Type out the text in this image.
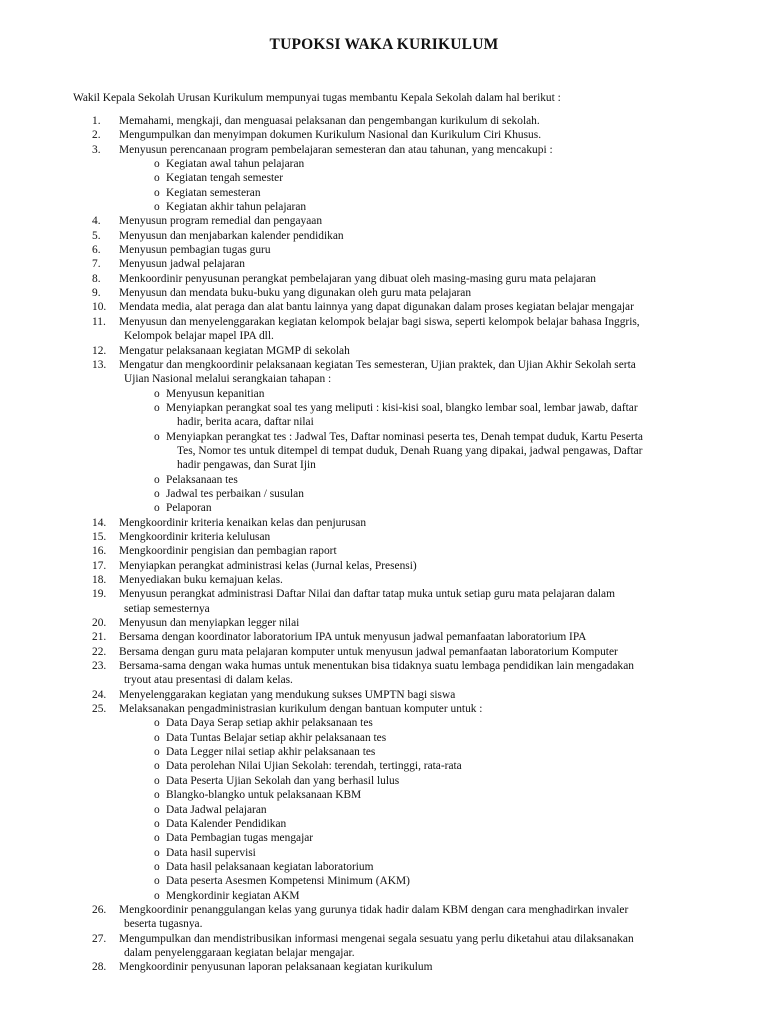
TUPOKSI WAKA KURIKULUM
Wakil Kepala Sekolah Urusan Kurikulum mempunyai tugas membantu Kepala Sekolah dalam hal berikut :
1.	Memahami, mengkaji, dan menguasai pelaksanan dan pengembangan kurikulum di sekolah.
2.	Mengumpulkan dan menyimpan dokumen Kurikulum Nasional dan Kurikulum Ciri Khusus.
3.	Menyusun perencanaan program pembelajaran semesteran dan atau tahunan, yang mencakupi :
o Kegiatan awal tahun pelajaran
o Kegiatan tengah semester
o Kegiatan semesteran
o Kegiatan akhir tahun pelajaran
4.	Menyusun program remedial dan pengayaan
5.	Menyusun dan menjabarkan kalender pendidikan
6.	Menyusun pembagian tugas guru
7.	Menyusun jadwal pelajaran
8.	Menkoordinir penyusunan perangkat pembelajaran yang dibuat oleh masing-masing guru mata pelajaran
9.	Menyusun dan mendata buku-buku yang digunakan oleh guru mata pelajaran
10.	Mendata media, alat peraga dan alat bantu lainnya yang dapat digunakan dalam proses kegiatan belajar mengajar
11.	Menyusun dan menyelenggarakan kegiatan kelompok belajar bagi siswa, seperti kelompok belajar bahasa Inggris,
Kelompok belajar mapel IPA dll.
12.	Mengatur pelaksanaan kegiatan MGMP di sekolah
13.	Mengatur dan mengkoordinir pelaksanaan kegiatan Tes semesteran, Ujian praktek, dan Ujian Akhir Sekolah serta
Ujian Nasional melalui serangkaian tahapan :
o Menyusun kepanitian
o Menyiapkan perangkat soal tes yang meliputi : kisi-kisi soal, blangko lembar soal, lembar jawab, daftar
hadir, berita acara, daftar nilai
o Menyiapkan perangkat tes : Jadwal Tes, Daftar nominasi peserta tes, Denah tempat duduk, Kartu Peserta
Tes, Nomor tes untuk ditempel di tempat duduk, Denah Ruang yang dipakai, jadwal pengawas, Daftar
hadir pengawas, dan Surat Ijin
o Pelaksanaan tes
o Jadwal tes perbaikan / susulan
o Pelaporan
14.	Mengkoordinir kriteria kenaikan kelas dan penjurusan
15.	Mengkoordinir kriteria kelulusan
16.	Mengkoordinir pengisian dan pembagian raport
17.	Menyiapkan perangkat administrasi kelas (Jurnal kelas, Presensi)
18.	Menyediakan buku kemajuan kelas.
19.	Menyusun perangkat administrasi Daftar Nilai dan daftar tatap muka untuk setiap guru mata pelajaran dalam
setiap semesternya
20.	Menyusun dan menyiapkan legger nilai
21.	Bersama dengan koordinator laboratorium IPA untuk menyusun jadwal pemanfaatan laboratorium IPA
22.	Bersama dengan guru mata pelajaran komputer untuk menyusun jadwal pemanfaatan laboratorium Komputer
23.	Bersama-sama dengan waka humas untuk menentukan bisa tidaknya suatu lembaga pendidikan lain mengadakan
tryout atau presentasi di dalam kelas.
24.	Menyelenggarakan kegiatan yang mendukung sukses UMPTN bagi siswa
25.	Melaksanakan pengadministrasian kurikulum dengan bantuan komputer untuk :
o Data Daya Serap setiap akhir pelaksanaan tes
o Data Tuntas Belajar setiap akhir pelaksanaan tes
o Data Legger nilai setiap akhir pelaksanaan tes
o Data perolehan Nilai Ujian Sekolah: terendah, tertinggi, rata-rata
o Data Peserta Ujian Sekolah dan yang berhasil lulus
o Blangko-blangko untuk pelaksanaan KBM
o Data Jadwal pelajaran
o Data Kalender Pendidikan
o Data Pembagian tugas mengajar
o Data hasil supervisi
o Data hasil pelaksanaan kegiatan laboratorium
o Data peserta Asesmen Kompetensi Minimum (AKM)
o Mengkordinir kegiatan AKM
26.	Mengkoordinir penanggulangan kelas yang gurunya tidak hadir dalam KBM dengan cara menghadirkan invaler
beserta tugasnya.
27.	Mengumpulkan dan mendistribusikan informasi mengenai segala sesuatu yang perlu diketahui atau dilaksanakan
dalam penyelenggaraan kegiatan belajar mengajar.
28.	Mengkoordinir penyusunan laporan pelaksanaan kegiatan kurikulum
